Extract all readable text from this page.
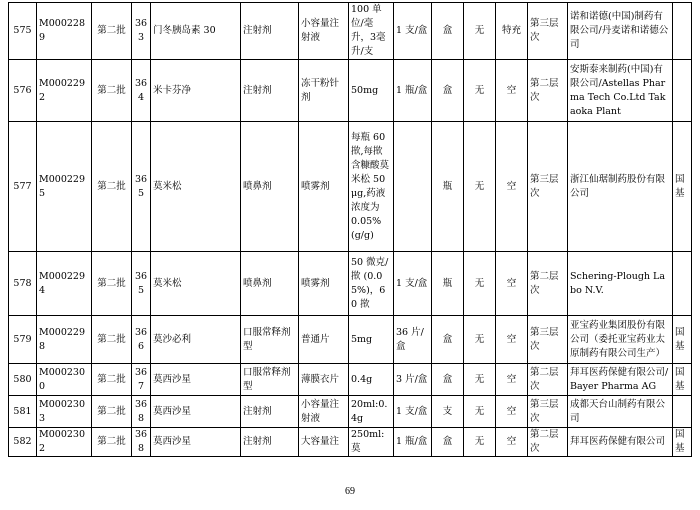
575	M0002289	第二批	363	门冬胰岛素 30	注射剂	小容量注射液	100 单位/毫升，3毫升/支	1 支/盒	盒	无	特充	第三层次	诺和诺德(中国)制药有限公司/丹麦诺和诺德公司	
576	M0002292	第二批	364	米卡芬净	注射剂	冻干粉针剂	50mg	1 瓶/盒	盒	无	空	第二层次	安斯泰来制药(中国)有限公司/Astellas Pharma Tech Co.Ltd Takaoka Plant	
577	M0002295	第二批	365	莫米松	喷鼻剂	喷雾剂	每瓶 60 揿,每揿含糠酸莫米松 50μg,药液浓度为 0.05%(g/g)		瓶	无	空	第三层次	浙江仙琚制药股份有限公司	国基
578	M0002294	第二批	365	莫米松	喷鼻剂	喷雾剂	50 微克/揿 (0.05%)，60 揿	1 支/盒	瓶	无	空	第二层次	Schering-Plough Labo N.V.	
579	M0002298	第二批	366	莫沙必利	口服常释剂型	普通片	5mg	36 片/盒	盒	无	空	第三层次	亚宝药业集团股份有限公司（委托亚宝药业太原制药有限公司生产）	国基
580	M0002300	第二批	367	莫西沙星	口服常释剂型	薄膜衣片	0.4g	3 片/盒	盒	无	空	第二层次	拜耳医药保健有限公司/Bayer Pharma AG	国基
581	M0002303	第二批	368	莫西沙星	注射剂	小容量注射液	20ml:0.4g	1 支/盒	支	无	空	第三层次	成都天台山制药有限公司	
582	M0002302	第二批	368	莫西沙星	注射剂	大容量注	250ml:莫	1 瓶/盒	盒	无	空	第二层次	拜耳医药保健有限公司	国基
69
